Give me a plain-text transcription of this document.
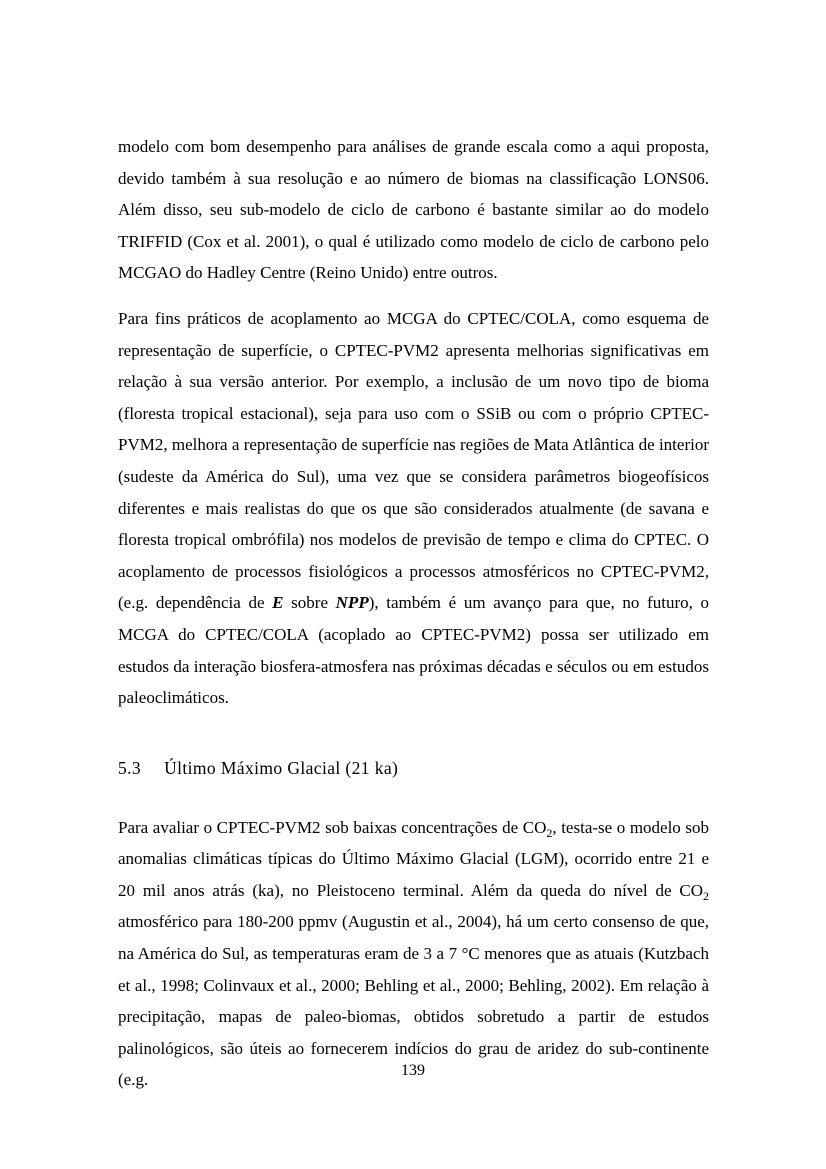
modelo com bom desempenho para análises de grande escala como a aqui proposta, devido também à sua resolução e ao número de biomas na classificação LONS06. Além disso, seu sub-modelo de ciclo de carbono é bastante similar ao do modelo TRIFFID (Cox et al. 2001), o qual é utilizado como modelo de ciclo de carbono pelo MCGAO do Hadley Centre (Reino Unido) entre outros.

Para fins práticos de acoplamento ao MCGA do CPTEC/COLA, como esquema de representação de superfície, o CPTEC-PVM2 apresenta melhorias significativas em relação à sua versão anterior. Por exemplo, a inclusão de um novo tipo de bioma (floresta tropical estacional), seja para uso com o SSiB ou com o próprio CPTEC-PVM2, melhora a representação de superfície nas regiões de Mata Atlântica de interior (sudeste da América do Sul), uma vez que se considera parâmetros biogeofísicos diferentes e mais realistas do que os que são considerados atualmente (de savana e floresta tropical ombrófila) nos modelos de previsão de tempo e clima do CPTEC. O acoplamento de processos fisiológicos a processos atmosféricos no CPTEC-PVM2, (e.g. dependência de E sobre NPP), também é um avanço para que, no futuro, o MCGA do CPTEC/COLA (acoplado ao CPTEC-PVM2) possa ser utilizado em estudos da interação biosfera-atmosfera nas próximas décadas e séculos ou em estudos paleoclimáticos.

5.3 Último Máximo Glacial (21 ka)

Para avaliar o CPTEC-PVM2 sob baixas concentrações de $CO_2$, testa-se o modelo sob anomalias climáticas típicas do Último Máximo Glacial (LGM), ocorrido entre 21 e 20 mil anos atrás (ka), no Pleistoceno terminal. Além da queda do nível de $CO_2$ atmosférico para 180-200 ppmv (Augustin et al., 2004), há um certo consenso de que, na América do Sul, as temperaturas eram de 3 a 7 °C menores que as atuais (Kutzbach et al., 1998; Colinvaux et al., 2000; Behling et al., 2000; Behling, 2002). Em relação à precipitação, mapas de paleo-biomas, obtidos sobretudo a partir de estudos palinológicos, são úteis ao fornecerem indícios do grau de aridez do sub-continente (e.g.	139
